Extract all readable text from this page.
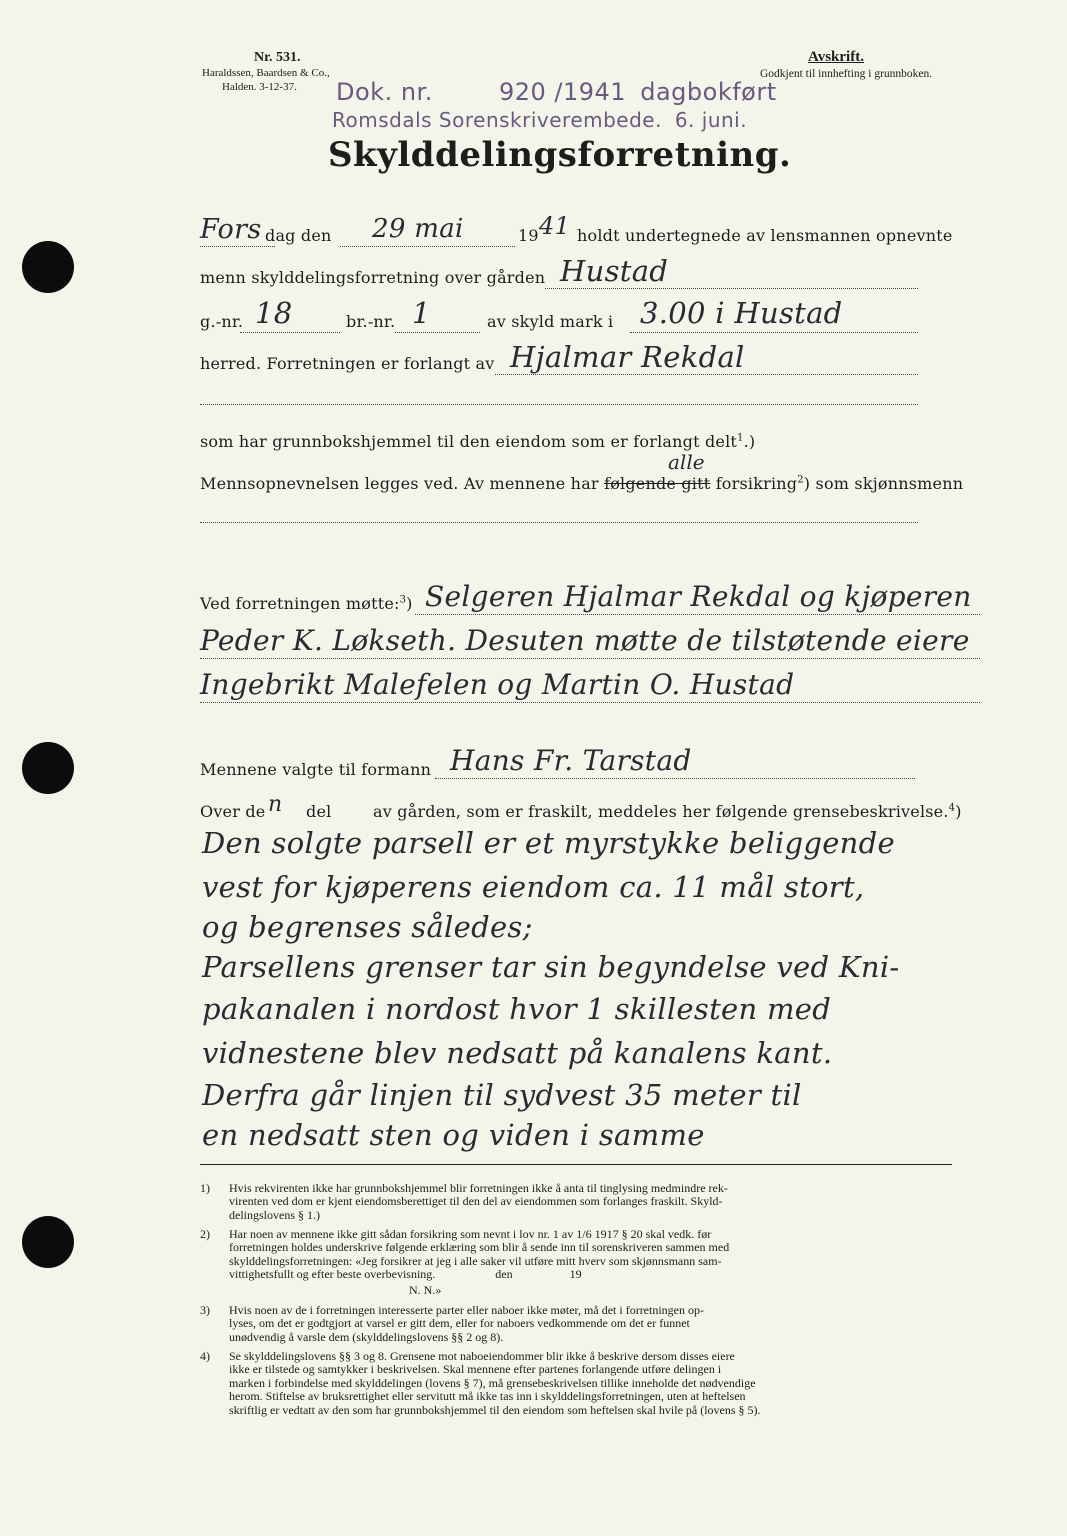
Nr. 531.
Haraldssen, Baardsen & Co.,
Halden. 3-12-37.
Avskrift.
Godkjent til innhefting i grunnboken.
Dok. nr.	920 /1941 dagbokført
Romsdals Sorenskriverembede. 6. juni.
Skylddelingsforretning.
Fors dag den 29 mai	19 41 holdt undertegnede av lensmannen opnevnte
menn skylddelingsforretning over gården Hustad
g.-nr. 18	br.-nr. 1	av skyld mark i 3.00 i Hustad
herred. Forretningen er forlangt av Hjalmar Rekdal
som har grunnbokshjemmel til den eiendom som er forlangt delt$^1$.)
alle
Mennsopnevnelsen legges ved. Av mennene har følgende gitt forsikring$^2$) som skjønnsmenn
Ved forretningen møtte:$^3$) Selgeren Hjalmar Rekdal og kjøperen
Peder K. Løkseth. Desuten møtte de tilstøtende eiere
Ingebrikt Malefelen og Martin O. Hustad
Mennene valgte til formann Hans Fr. Tarstad
Over de n del	av gården, som er fraskilt, meddeles her følgende grensebeskrivelse.$^4$)
Den solgte parsell er et myrstykke beliggende
vest for kjøperens eiendom ca. 11 mål stort,
og begrenses således;
Parsellens grenser tar sin begyndelse ved Kni-
pakanalen i nordost hvor 1 skillesten med
vidnestene blev nedsatt på kanalens kant.
Derfra går linjen til sydvest 35 meter til
en nedsatt sten og viden i samme
1) Hvis rekvirenten ikke har grunnbokshjemmel blir forretningen ikke å anta til tinglysing medmindre rek-
virenten ved dom er kjent eiendomsberettiget til den del av eiendommen som forlanges fraskilt. Skyld-
delingslovens § 1.)
2) Har noen av mennene ikke gitt sådan forsikring som nevnt i lov nr. 1 av 1/6 1917 § 20 skal vedk. før
forretningen holdes underskrive følgende erklæring som blir å sende inn til sorenskriveren sammen med
skylddelingsforretningen: «Jeg forsikrer at jeg i alle saker vil utføre mitt hverv som skjønnsmann sam-
vittighetsfullt og efter beste overbevisning.                    den                   19
N. N.»
3) Hvis noen av de i forretningen interesserte parter eller naboer ikke møter, må det i forretningen op-
lyses, om det er godtgjort at varsel er gitt dem, eller for naboers vedkommende om det er funnet
unødvendig å varsle dem (skylddelingslovens §§ 2 og 8).
4) Se skylddelingslovens §§ 3 og 8. Grensene mot naboeiendommer blir ikke å beskrive dersom disses eiere
ikke er tilstede og samtykker i beskrivelsen. Skal mennene efter partenes forlangende utføre delingen i
marken i forbindelse med skylddelingen (lovens § 7), må grensebeskrivelsen tillike inneholde det nødvendige
herom. Stiftelse av bruksrettighet eller servitutt må ikke tas inn i skylddelingsforretningen, uten at heftelsen
skriftlig er vedtatt av den som har grunnbokshjemmel til den eiendom som heftelsen skal hvile på (lovens § 5).
